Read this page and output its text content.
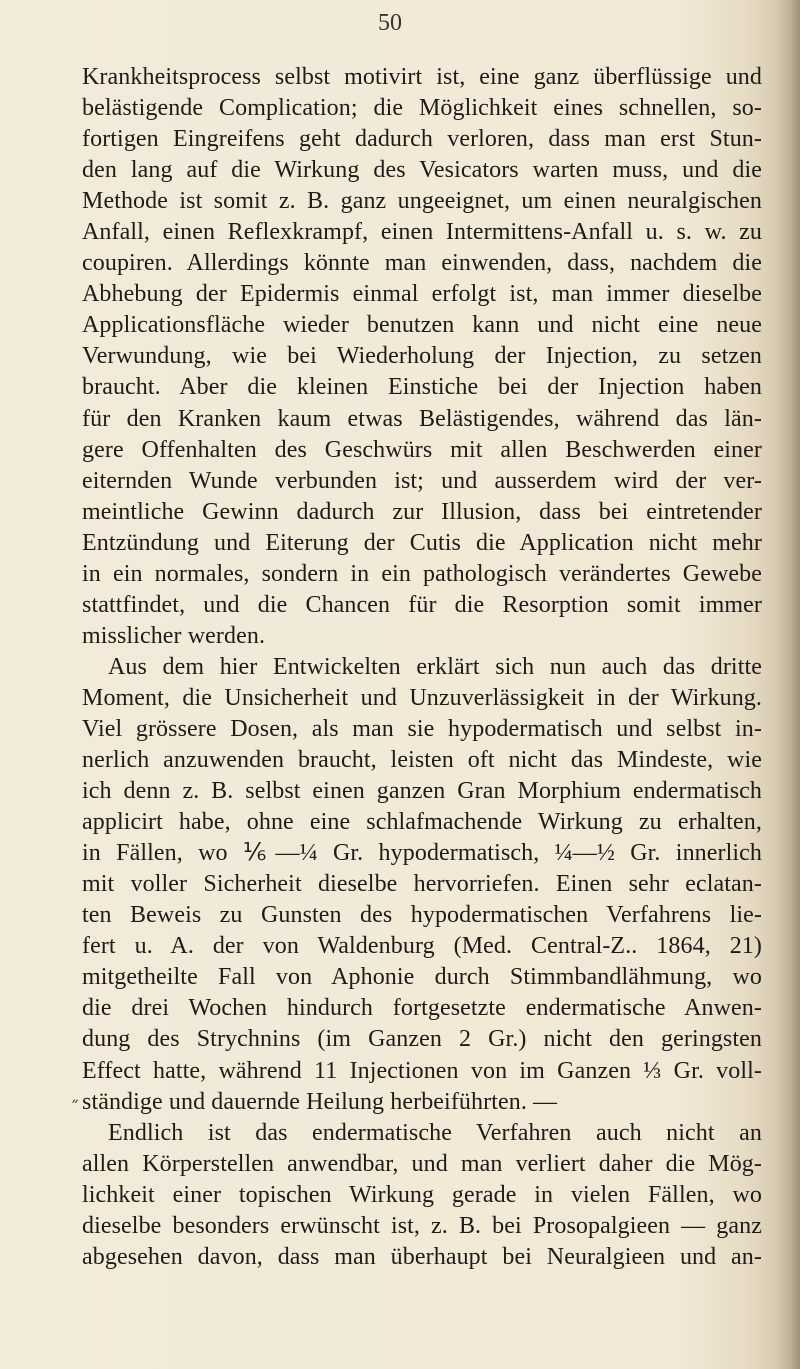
50
Krankheitsprocess selbst motivirt ist, eine ganz überflüssige und
belästigende Complication; die Möglichkeit eines schnellen, so-
fortigen Eingreifens geht dadurch verloren, dass man erst Stun-
den lang auf die Wirkung des Vesicators warten muss, und die
Methode ist somit z. B. ganz ungeeignet, um einen neuralgischen
Anfall, einen Reflexkrampf, einen Intermittens-Anfall u. s. w. zu
coupiren. Allerdings könnte man einwenden, dass, nachdem die
Abhebung der Epidermis einmal erfolgt ist, man immer dieselbe
Applicationsfläche wieder benutzen kann und nicht eine neue
Verwundung, wie bei Wiederholung der Injection, zu setzen
braucht. Aber die kleinen Einstiche bei der Injection haben
für den Kranken kaum etwas Belästigendes, während das län-
gere Offenhalten des Geschwürs mit allen Beschwerden einer
eiternden Wunde verbunden ist; und ausserdem wird der ver-
meintliche Gewinn dadurch zur Illusion, dass bei eintretender
Entzündung und Eiterung der Cutis die Application nicht mehr
in ein normales, sondern in ein pathologisch verändertes Gewebe
stattfindet, und die Chancen für die Resorption somit immer
misslicher werden.
Aus dem hier Entwickelten erklärt sich nun auch das dritte
Moment, die Unsicherheit und Unzuverlässigkeit in der Wirkung.
Viel grössere Dosen, als man sie hypodermatisch und selbst in-
nerlich anzuwenden braucht, leisten oft nicht das Mindeste, wie
ich denn z. B. selbst einen ganzen Gran Morphium endermatisch
applicirt habe, ohne eine schlafmachende Wirkung zu erhalten,
in Fällen, wo ⅙—¼ Gr. hypodermatisch, ¼—½ Gr. innerlich
mit voller Sicherheit dieselbe hervorriefen. Einen sehr eclatan-
ten Beweis zu Gunsten des hypodermatischen Verfahrens lie-
fert u. A. der von Waldenburg (Med. Central-Z.. 1864, 21)
mitgetheilte Fall von Aphonie durch Stimmbandlähmung, wo
die drei Wochen hindurch fortgesetzte endermatische Anwen-
dung des Strychnins (im Ganzen 2 Gr.) nicht den geringsten
Effect hatte, während 11 Injectionen von im Ganzen ⅓ Gr. voll-
ständige und dauernde Heilung herbeiführten. —
Endlich ist das endermatische Verfahren auch nicht an
allen Körperstellen anwendbar, und man verliert daher die Mög-
lichkeit einer topischen Wirkung gerade in vielen Fällen, wo
dieselbe besonders erwünscht ist, z. B. bei Prosopalgieen — ganz
abgesehen davon, dass man überhaupt bei Neuralgieen und an-
˝
